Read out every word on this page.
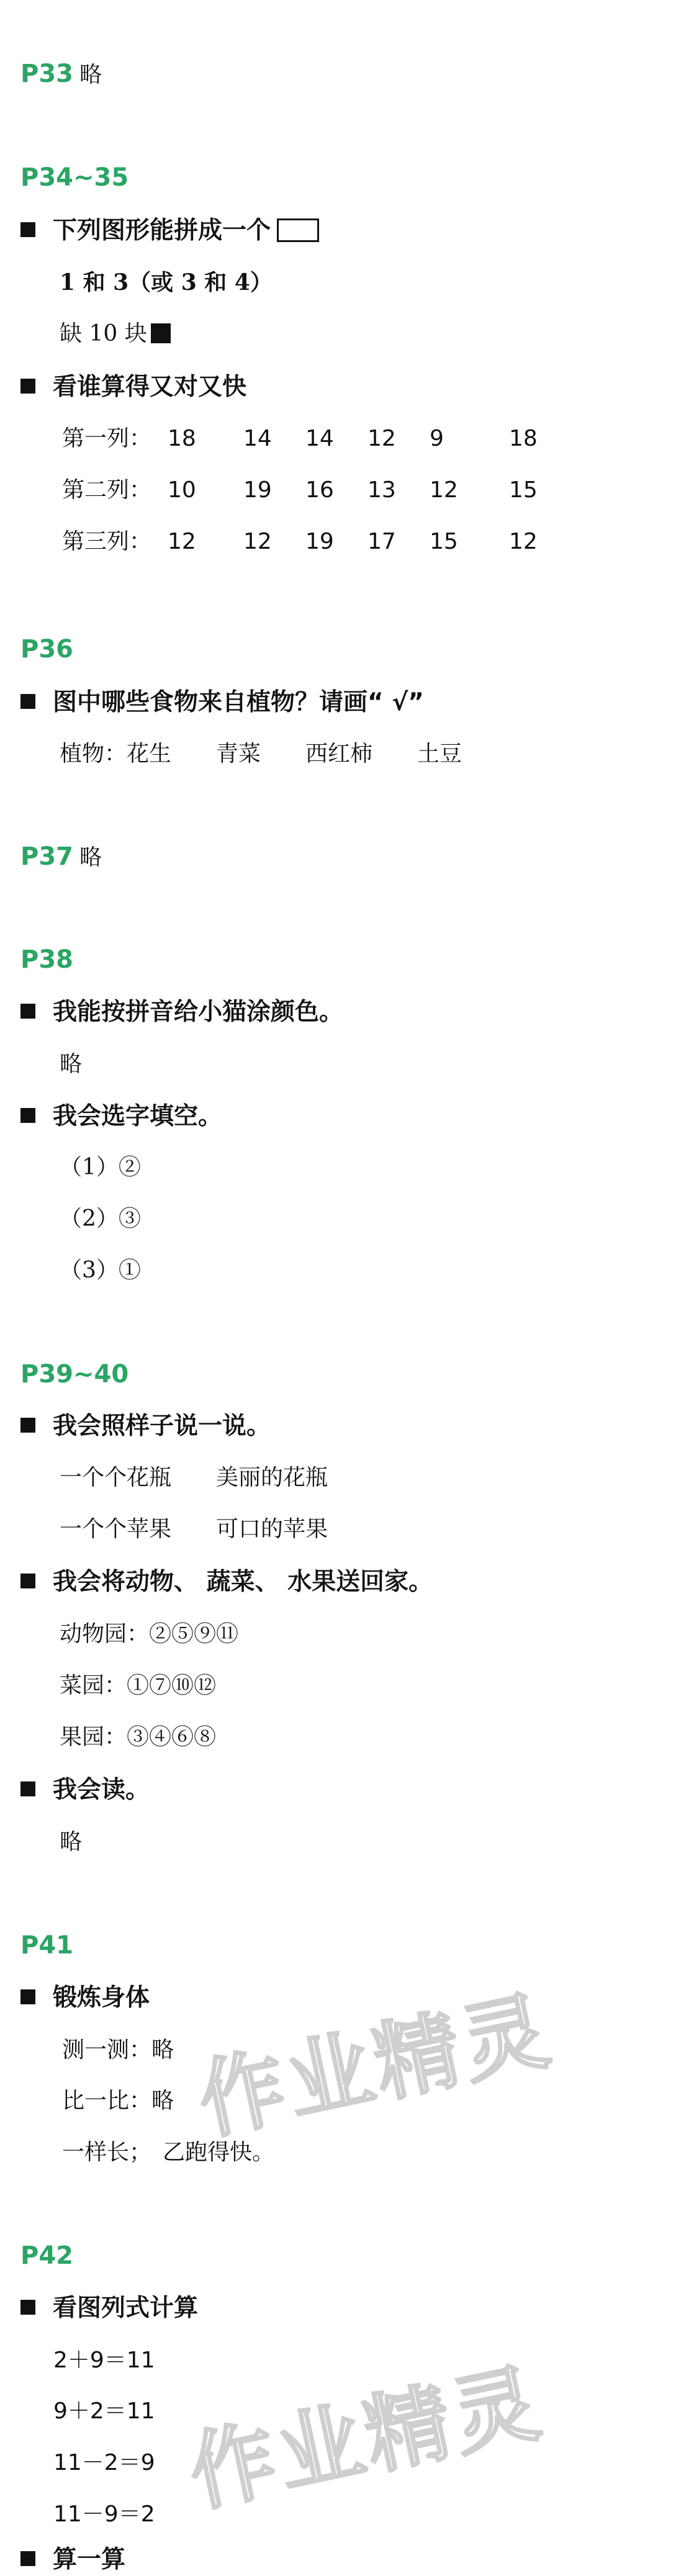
P33 略
P34~35
下列图形能拼成一个
1 和 3（或 3 和 4）
缺 10 块
看谁算得又对又快
第一列： 18 14 14 12 9	18
第二列： 10 19 16 13 12 15
第三列： 12 12 19 17 15 12
P36
图中哪些食物来自植物？请画“ √”
植物：花生　　青菜　　西红柿　　土豆
P37 略
P38
我能按拼音给小猫涂颜色。
略
我会选字填空。
（1）②
（2）③
（3）①
P39~40
我会照样子说一说。
一个个花瓶　　美丽的花瓶
一个个苹果　　可口的苹果
我会将动物、 蔬菜、 水果送回家。
动物园：②⑤⑨⑪
菜园：①⑦⑩⑫
果园：③④⑥⑧
我会读。
略
P41
锻炼身体
测一测：略
比一比：略
一样长；　乙跑得快。
作业精灵
P42
看图列式计算
2＋9＝11
9＋2＝11
11－2＝9
11－9＝2 作业精灵
算一算
